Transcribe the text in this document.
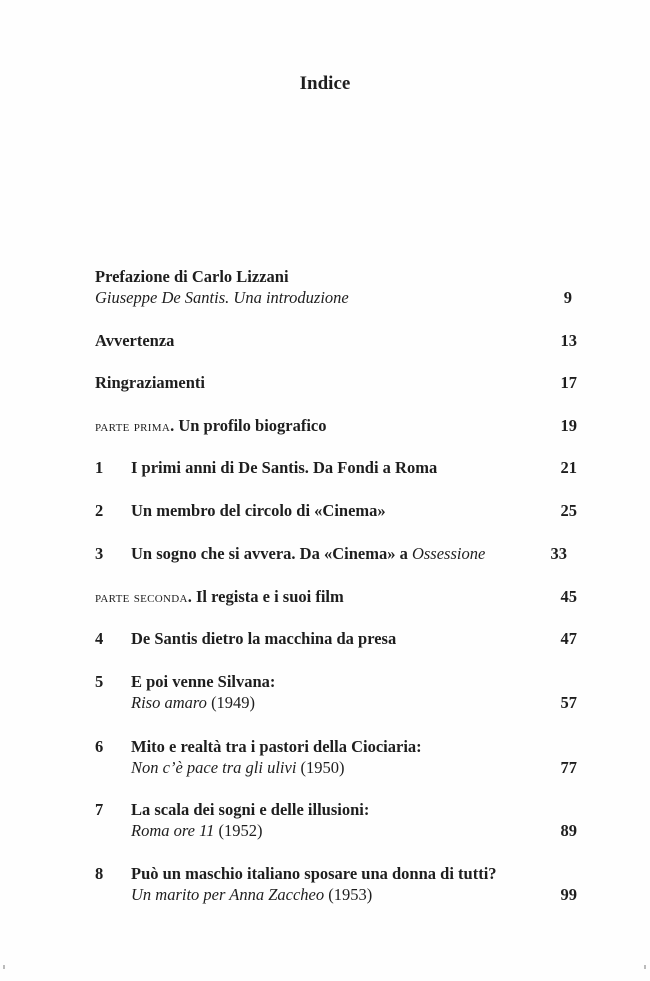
Indice
Prefazione di Carlo Lizzani
Giuseppe De Santis. Una introduzione	9
Avvertenza	13
Ringraziamenti	17
parte prima. Un profilo biografico	19
1 I primi anni di De Santis. Da Fondi a Roma	21
2 Un membro del circolo di «Cinema»	25
3 Un sogno che si avvera. Da «Cinema» a Ossessione	33
parte seconda. Il regista e i suoi film	45
4 De Santis dietro la macchina da presa	47
5 E poi venne Silvana:
Riso amaro (1949)	57
6 Mito e realtà tra i pastori della Ciociaria:
Non c’è pace tra gli ulivi (1950)	77
7 La scala dei sogni e delle illusioni:
Roma ore 11 (1952)	89
8 Può un maschio italiano sposare una donna di tutti?
Un marito per Anna Zaccheo (1953)	99
